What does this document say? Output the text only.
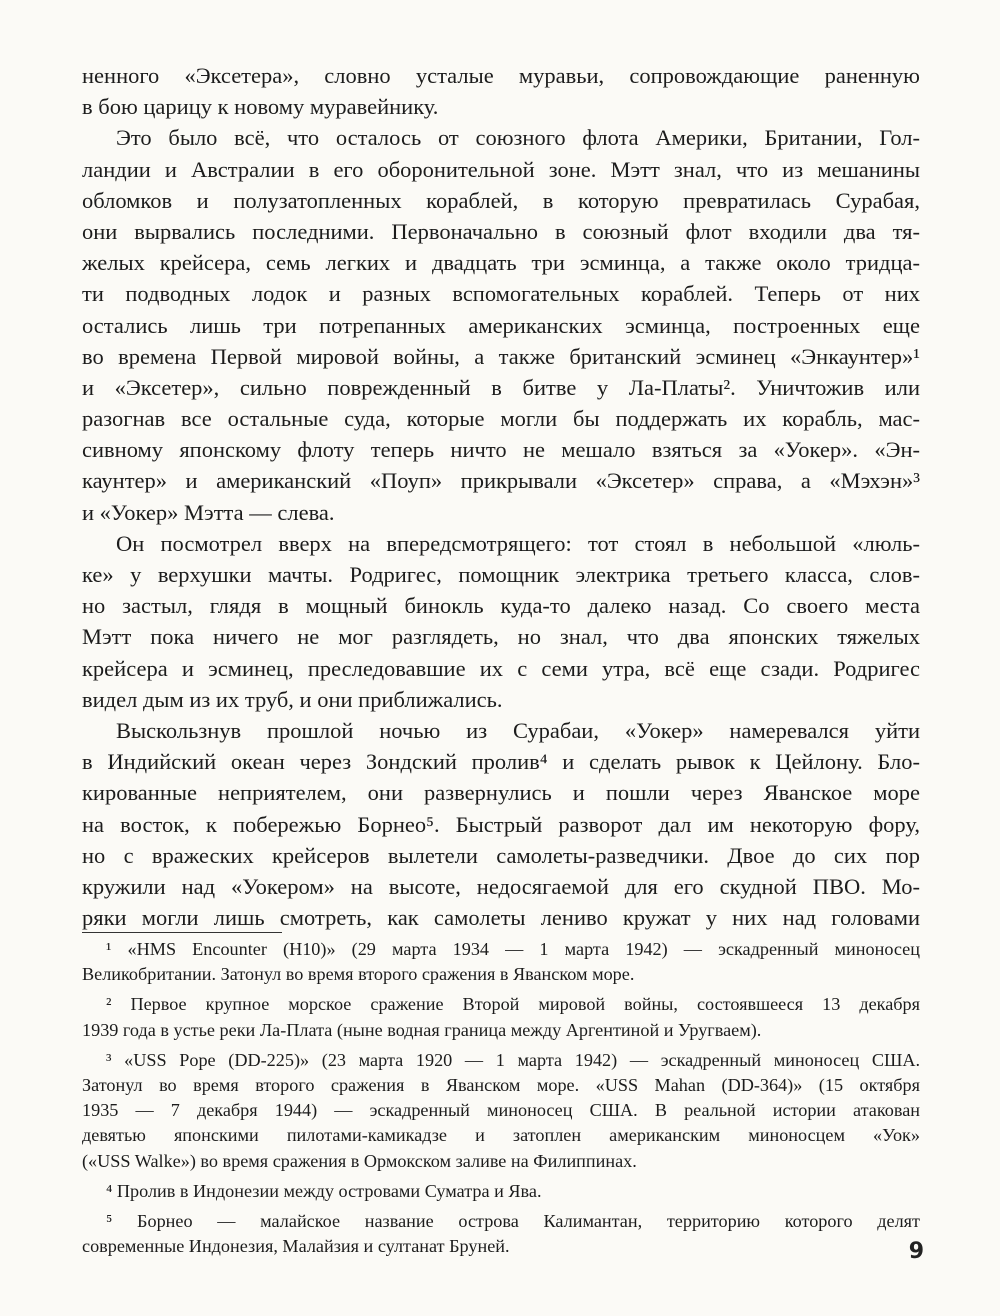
ненного «Эксетера», словно усталые муравьи, сопровождающие раненную
в бою царицу к новому муравейнику.
Это было всё, что осталось от союзного флота Америки, Британии, Гол-
ландии и Австралии в его оборонительной зоне. Мэтт знал, что из мешанины
обломков и полузатопленных кораблей, в которую превратилась Сурабая,
они вырвались последними. Первоначально в союзный флот входили два тя-
желых крейсера, семь легких и двадцать три эсминца, а также около тридца-
ти подводных лодок и разных вспомогательных кораблей. Теперь от них
остались лишь три потрепанных американских эсминца, построенных еще
во времена Первой мировой войны, а также британский эсминец «Энкаунтер»¹
и «Эксетер», сильно поврежденный в битве у Ла-Платы². Уничтожив или
разогнав все остальные суда, которые могли бы поддержать их корабль, мас-
сивному японскому флоту теперь ничто не мешало взяться за «Уокер». «Эн-
каунтер» и американский «Поуп» прикрывали «Эксетер» справа, а «Мэхэн»³
и «Уокер» Мэтта — слева.
Он посмотрел вверх на впередсмотрящего: тот стоял в небольшой «люль-
ке» у верхушки мачты. Родригес, помощник электрика третьего класса, слов-
но застыл, глядя в мощный бинокль куда-то далеко назад. Со своего места
Мэтт пока ничего не мог разглядеть, но знал, что два японских тяжелых
крейсера и эсминец, преследовавшие их с семи утра, всё еще сзади. Родригес
видел дым из их труб, и они приближались.
Выскользнув прошлой ночью из Сурабаи, «Уокер» намеревался уйти
в Индийский океан через Зондский пролив⁴ и сделать рывок к Цейлону. Бло-
кированные неприятелем, они развернулись и пошли через Яванское море
на восток, к побережью Борнео⁵. Быстрый разворот дал им некоторую фору,
но с вражеских крейсеров вылетели самолеты-разведчики. Двое до сих пор
кружили над «Уокером» на высоте, недосягаемой для его скудной ПВО. Мо-
ряки могли лишь смотреть, как самолеты лениво кружат у них над головами
¹ «HMS Encounter (H10)» (29 марта 1934 — 1 марта 1942) — эскадренный миноносец
Великобритании. Затонул во время второго сражения в Яванском море.
² Первое крупное морское сражение Второй мировой войны, состоявшееся 13 декабря
1939 года в устье реки Ла-Плата (ныне водная граница между Аргентиной и Уругваем).
³ «USS Pope (DD-225)» (23 марта 1920 — 1 марта 1942) — эскадренный миноносец США.
Затонул во время второго сражения в Яванском море. «USS Mahan (DD-364)» (15 октября
1935 — 7 декабря 1944) — эскадренный миноносец США. В реальной истории атакован
девятью японскими пилотами-камикадзе и затоплен американским миноносцем «Уок»
(«USS Walke») во время сражения в Ормокском заливе на Филиппинах.
⁴ Пролив в Индонезии между островами Суматра и Ява.
⁵ Борнео — малайское название острова Калимантан, территорию которого делят
современные Индонезия, Малайзия и султанат Бруней.	9
